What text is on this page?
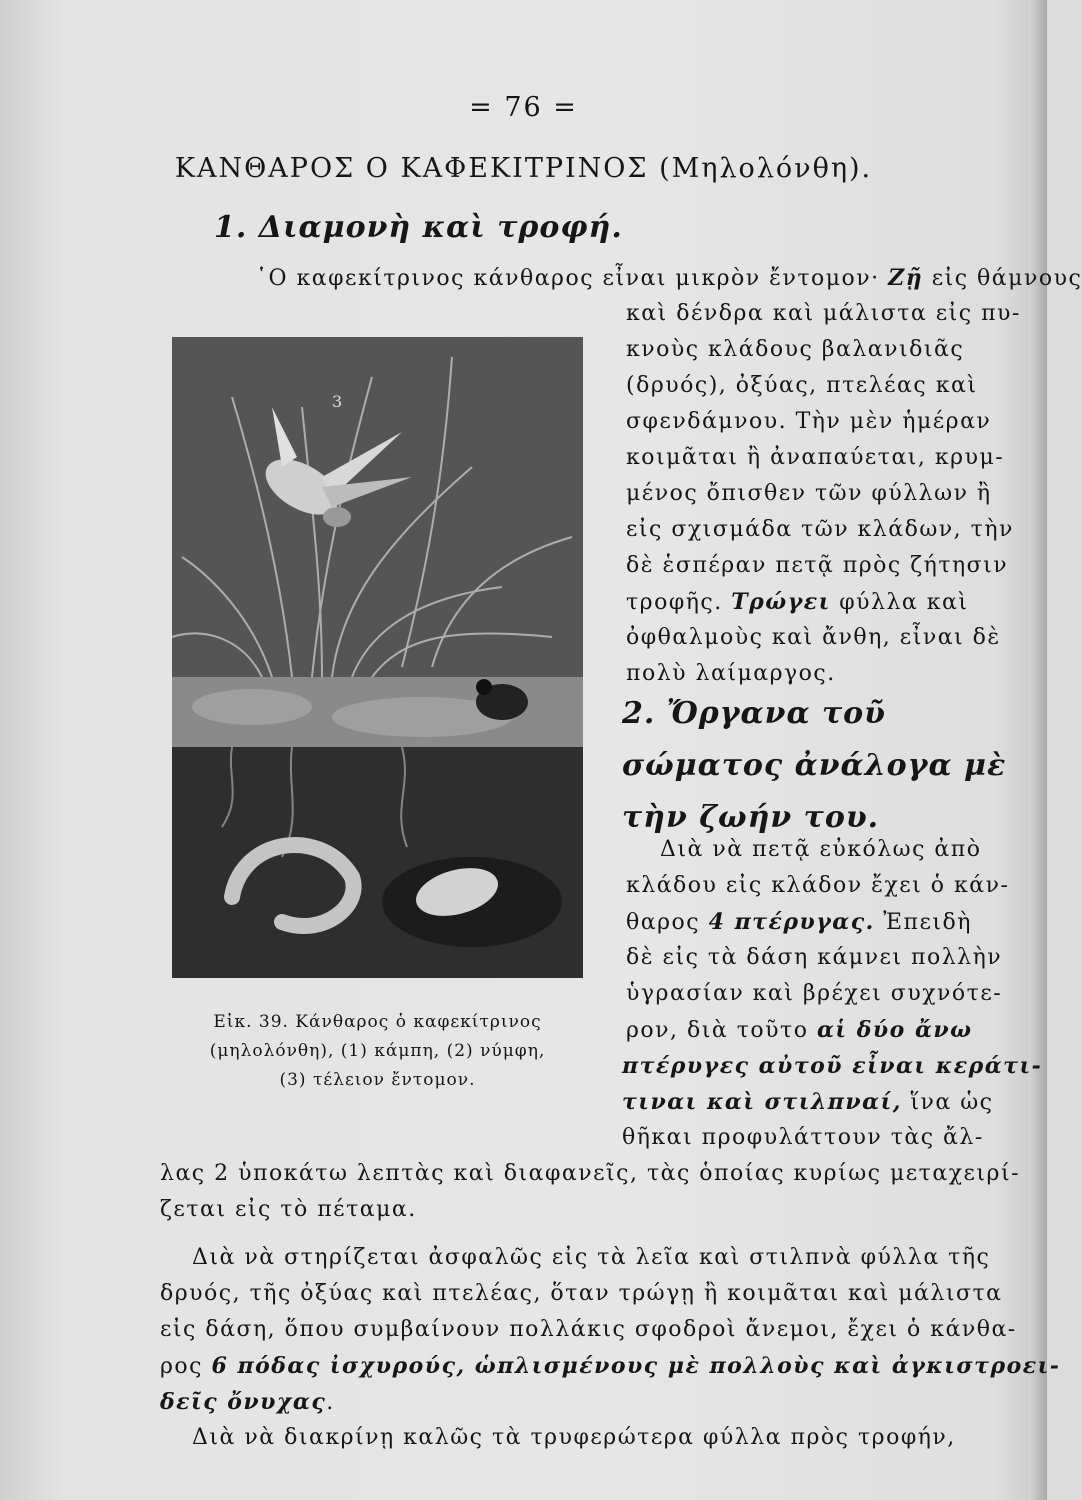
= 76 =
ΚΑΝΘΑΡΟΣ Ο ΚΑΦΕΚΙΤΡΙΝΟΣ (Μηλολόνθη).
1. Διαμονὴ καὶ τροφή.
῾Ο καφεκίτρινος κάνθαρος εἶναι μικρὸν ἔντομον· Ζῇ εἰς θάμνους
καὶ δένδρα καὶ μάλιστα εἰς πυ-
κνοὺς κλάδους βαλανιδιᾶς
(δρυός), ὀξύας, πτελέας καὶ
σφενδάμνου. Τὴν μὲν ἡμέραν
κοιμᾶται ἢ ἀναπαύεται, κρυμ-
μένος ὄπισθεν τῶν φύλλων ἢ
εἰς σχισμάδα τῶν κλάδων, τὴν
δὲ ἑσπέραν πετᾷ πρὸς ζήτησιν
τροφῆς. Τρώγει φύλλα καὶ
ὀφθαλμοὺς καὶ ἄνθη, εἶναι δὲ
πολὺ λαίμαργος.
2. Ὄργανα τοῦ σώματος ἀνάλογα μὲ τὴν ζωήν του.
Διὰ νὰ πετᾷ εὐκόλως ἀπὸ
κλάδου εἰς κλάδον ἔχει ὁ κάν-
θαρος 4 πτέρυγας. Ἐπειδὴ
δὲ εἰς τὰ δάση κάμνει πολλὴν
ὑγρασίαν καὶ βρέχει συχνότε-
ρον, διὰ τοῦτο αἱ δύο ἄνω
πτέρυγες αὐτοῦ εἶναι κεράτι-
τιναι καὶ στιλπναί, ἵνα ὡς
θῆκαι προφυλάττουν τὰς ἄλ-
λας 2 ὑποκάτω λεπτὰς καὶ διαφανεῖς, τὰς ὁποίας κυρίως μεταχειρί-
ζεται εἰς τὸ πέταμα.
Διὰ νὰ στηρίζεται ἀσφαλῶς εἰς τὰ λεῖα καὶ στιλπνὰ φύλλα τῆς
δρυός, τῆς ὀξύας καὶ πτελέας, ὅταν τρώγῃ ἢ κοιμᾶται καὶ μάλιστα
εἰς δάση, ὅπου συμβαίνουν πολλάκις σφοδροὶ ἄνεμοι, ἔχει ὁ κάνθα-
ρος 6 πόδας ἰσχυρούς, ὡπλισμένους μὲ πολλοὺς καὶ ἀγκιστροει-
δεῖς ὄνυχας.
Διὰ νὰ διακρίνῃ καλῶς τὰ τρυφερώτερα φύλλα πρὸς τροφήν,
3
Εἰκ. 39. Κάνθαρος ὁ καφεκίτρινος
(μηλολόνθη), (1) κάμπη, (2) νύμφη,
(3) τέλειον ἔντομον.
